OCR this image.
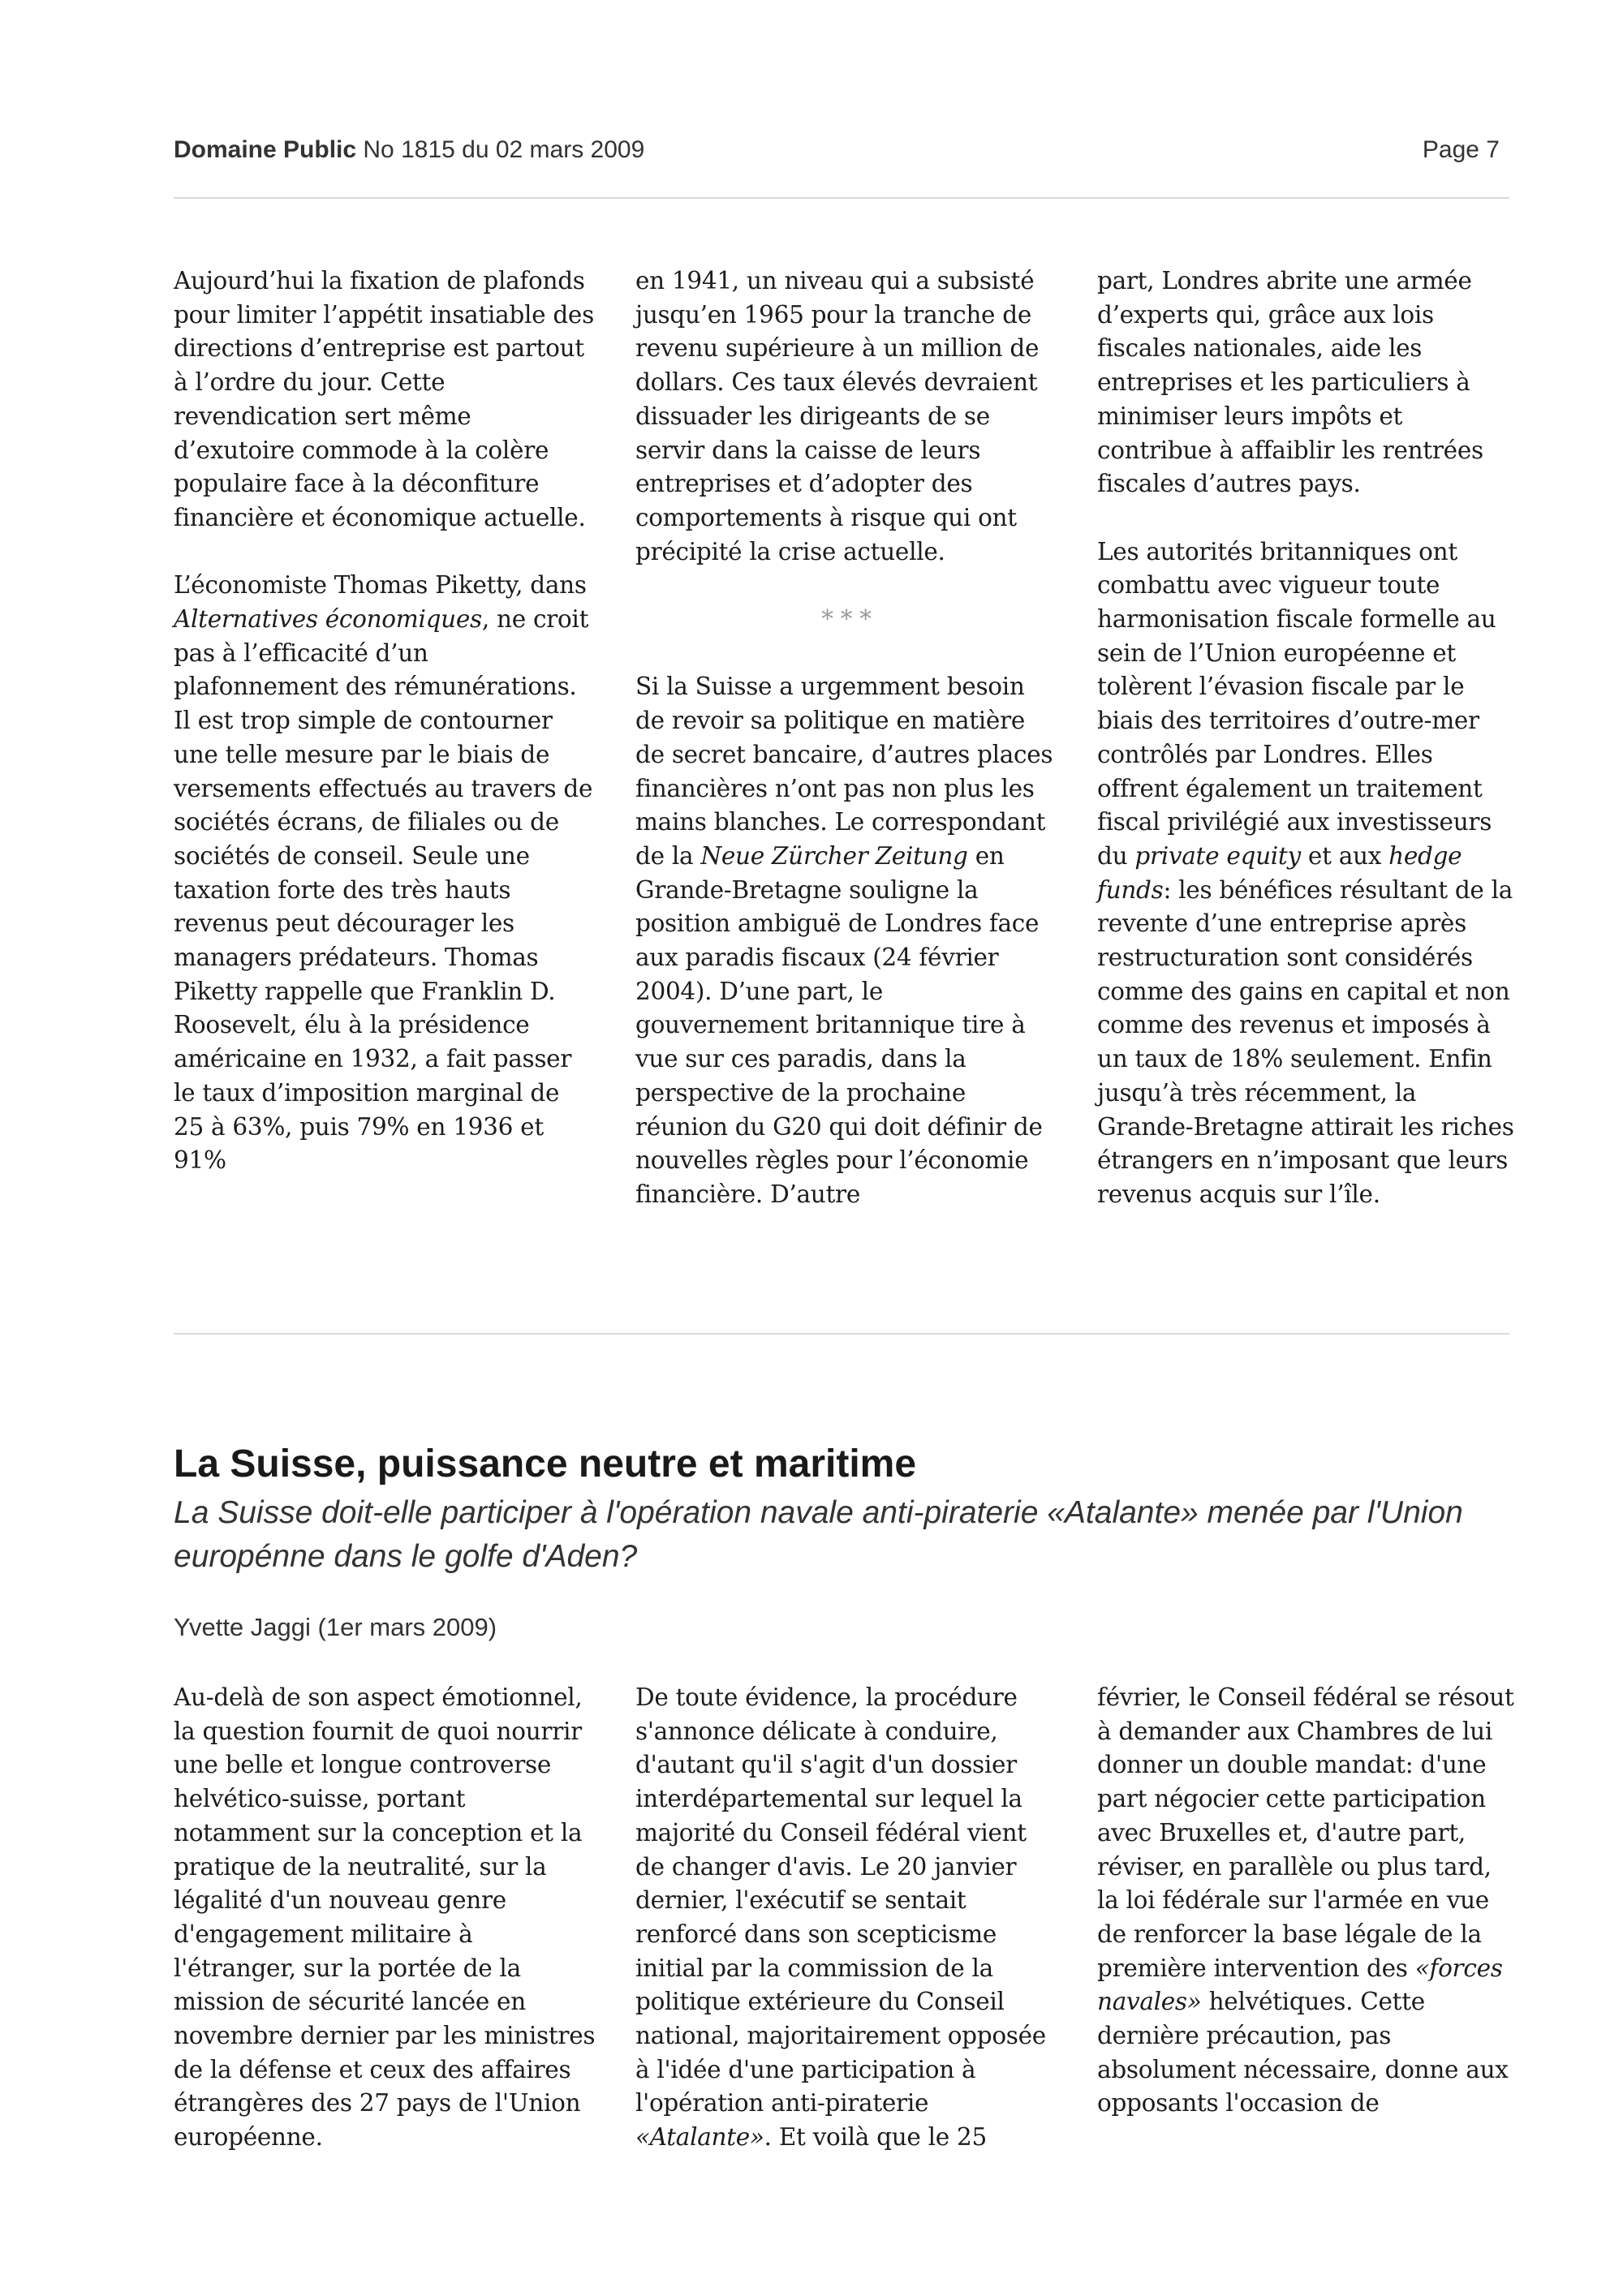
Domaine Public No 1815 du 02 mars 2009	Page 7

Aujourd’hui la fixation de plafonds pour limiter l’appétit insatiable des directions d’entreprise est partout à l’ordre du jour. Cette revendication sert même d’exutoire commode à la colère populaire face à la déconfiture financière et économique actuelle.

L’économiste Thomas Piketty, dans Alternatives économiques, ne croit pas à l’efficacité d’un plafonnement des rémunérations. Il est trop simple de contourner une telle mesure par le biais de versements effectués au travers de sociétés écrans, de filiales ou de sociétés de conseil. Seule une taxation forte des très hauts revenus peut décourager les managers prédateurs. Thomas Piketty rappelle que Franklin D. Roosevelt, élu à la présidence américaine en 1932, a fait passer le taux d’imposition marginal de 25 à 63%, puis 79% en 1936 et 91%

en 1941, un niveau qui a subsisté jusqu’en 1965 pour la tranche de revenu supérieure à un million de dollars. Ces taux élevés devraient dissuader les dirigeants de se servir dans la caisse de leurs entreprises et d’adopter des comportements à risque qui ont précipité la crise actuelle.

* * *

Si la Suisse a urgemment besoin de revoir sa politique en matière de secret bancaire, d’autres places financières n’ont pas non plus les mains blanches. Le correspondant de la Neue Zürcher Zeitung en Grande-Bretagne souligne la position ambiguë de Londres face aux paradis fiscaux (24 février 2004). D’une part, le gouvernement britannique tire à vue sur ces paradis, dans la perspective de la prochaine réunion du G20 qui doit définir de nouvelles règles pour l’économie financière. D’autre

part, Londres abrite une armée d’experts qui, grâce aux lois fiscales nationales, aide les entreprises et les particuliers à minimiser leurs impôts et contribue à affaiblir les rentrées fiscales d’autres pays.

Les autorités britanniques ont combattu avec vigueur toute harmonisation fiscale formelle au sein de l’Union européenne et tolèrent l’évasion fiscale par le biais des territoires d’outre-mer contrôlés par Londres. Elles offrent également un traitement fiscal privilégié aux investisseurs du private equity et aux hedge funds: les bénéfices résultant de la revente d’une entreprise après restructuration sont considérés comme des gains en capital et non comme des revenus et imposés à un taux de 18% seulement. Enfin jusqu’à très récemment, la Grande-Bretagne attirait les riches étrangers en n’imposant que leurs revenus acquis sur l’île.

La Suisse, puissance neutre et maritime
La Suisse doit-elle participer à l'opération navale anti-piraterie «Atalante» menée par l'Union europénne dans le golfe d'Aden?
Yvette Jaggi (1er mars 2009)

Au-delà de son aspect émotionnel, la question fournit de quoi nourrir une belle et longue controverse helvético-suisse, portant notamment sur la conception et la pratique de la neutralité, sur la légalité d'un nouveau genre d'engagement militaire à l'étranger, sur la portée de la mission de sécurité lancée en novembre dernier par les ministres de la défense et ceux des affaires étrangères des 27 pays de l'Union européenne.

De toute évidence, la procédure s'annonce délicate à conduire, d'autant qu'il s'agit d'un dossier interdépartemental sur lequel la majorité du Conseil fédéral vient de changer d'avis. Le 20 janvier dernier, l'exécutif se sentait renforcé dans son scepticisme initial par la commission de la politique extérieure du Conseil national, majoritairement opposée à l'idée d'une participation à l'opération anti-piraterie «Atalante». Et voilà que le 25

février, le Conseil fédéral se résout à demander aux Chambres de lui donner un double mandat: d'une part négocier cette participation avec Bruxelles et, d'autre part, réviser, en parallèle ou plus tard, la loi fédérale sur l'armée en vue de renforcer la base légale de la première intervention des «forces navales» helvétiques. Cette dernière précaution, pas absolument nécessaire, donne aux opposants l'occasion de
